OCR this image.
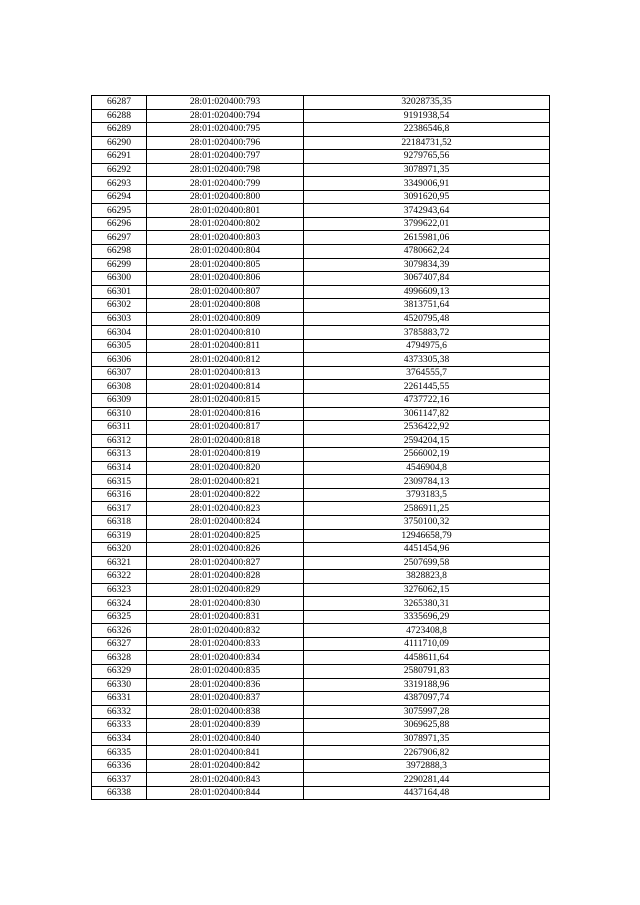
66287	28:01:020400:793	32028735,35
66288	28:01:020400:794	9191938,54
66289	28:01:020400:795	22386546,8
66290	28:01:020400:796	22184731,52
66291	28:01:020400:797	9279765,56
66292	28:01:020400:798	3078971,35
66293	28:01:020400:799	3349006,91
66294	28:01:020400:800	3091620,95
66295	28:01:020400:801	3742943,64
66296	28:01:020400:802	3799622,01
66297	28:01:020400:803	2615981,06
66298	28:01:020400:804	4780662,24
66299	28:01:020400:805	3079834,39
66300	28:01:020400:806	3067407,84
66301	28:01:020400:807	4996609,13
66302	28:01:020400:808	3813751,64
66303	28:01:020400:809	4520795,48
66304	28:01:020400:810	3785883,72
66305	28:01:020400:811	4794975,6
66306	28:01:020400:812	4373305,38
66307	28:01:020400:813	3764555,7
66308	28:01:020400:814	2261445,55
66309	28:01:020400:815	4737722,16
66310	28:01:020400:816	3061147,82
66311	28:01:020400:817	2536422,92
66312	28:01:020400:818	2594204,15
66313	28:01:020400:819	2566002,19
66314	28:01:020400:820	4546904,8
66315	28:01:020400:821	2309784,13
66316	28:01:020400:822	3793183,5
66317	28:01:020400:823	2586911,25
66318	28:01:020400:824	3750100,32
66319	28:01:020400:825	12946658,79
66320	28:01:020400:826	4451454,96
66321	28:01:020400:827	2507699,58
66322	28:01:020400:828	3828823,8
66323	28:01:020400:829	3276062,15
66324	28:01:020400:830	3265380,31
66325	28:01:020400:831	3335696,29
66326	28:01:020400:832	4723408,8
66327	28:01:020400:833	4111710,09
66328	28:01:020400:834	4458611,64
66329	28:01:020400:835	2580791,83
66330	28:01:020400:836	3319188,96
66331	28:01:020400:837	4387097,74
66332	28:01:020400:838	3075997,28
66333	28:01:020400:839	3069625,88
66334	28:01:020400:840	3078971,35
66335	28:01:020400:841	2267906,82
66336	28:01:020400:842	3972888,3
66337	28:01:020400:843	2290281,44
66338	28:01:020400:844	4437164,48
